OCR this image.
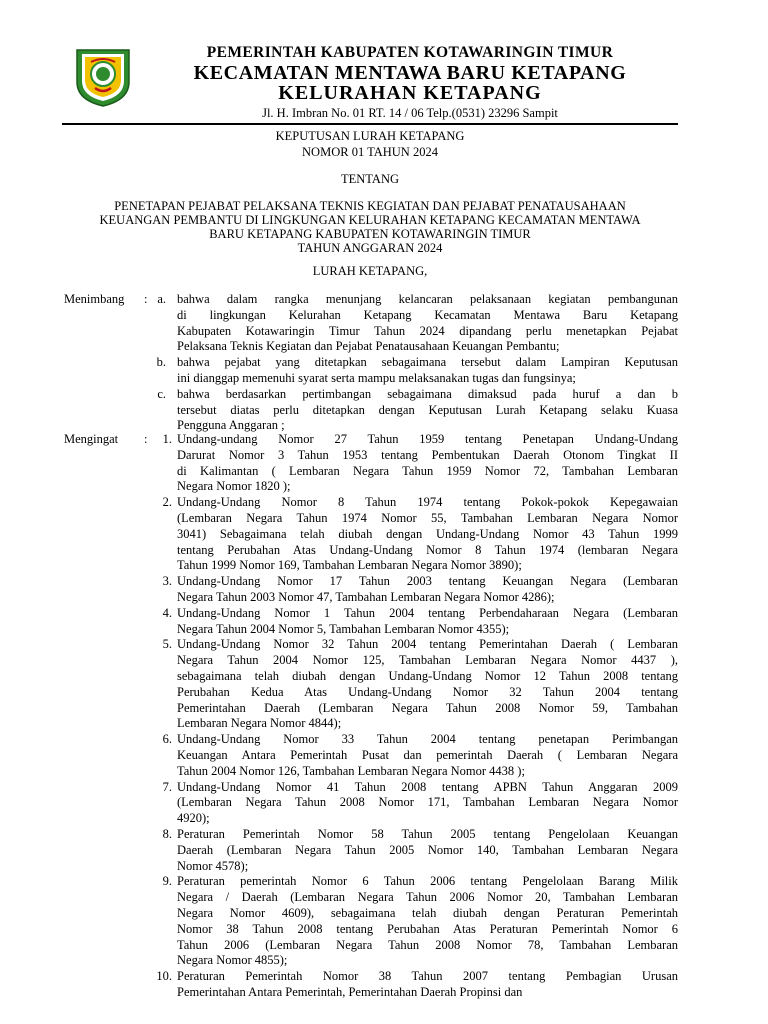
PEMERINTAH KABUPATEN KOTAWARINGIN TIMUR
KECAMATAN MENTAWA BARU KETAPANG
KELURAHAN KETAPANG
Jl. H. Imbran No. 01 RT. 14 / 06 Telp.(0531) 23296 Sampit
KEPUTUSAN LURAH KETAPANG
NOMOR 01 TAHUN 2024
TENTANG
PENETAPAN PEJABAT PELAKSANA TEKNIS KEGIATAN DAN PEJABAT PENATAUSAHAAN
KEUANGAN PEMBANTU DI LINGKUNGAN KELURAHAN KETAPANG KECAMATAN MENTAWA
BARU KETAPANG KABUPATEN KOTAWARINGIN TIMUR
TAHUN ANGGARAN 2024
LURAH KETAPANG,
Menimbang : a. bahwa dalam rangka menunjang kelancaran pelaksanaan kegiatan pembangunan
di lingkungan Kelurahan Ketapang Kecamatan Mentawa Baru Ketapang
Kabupaten Kotawaringin Timur Tahun 2024 dipandang perlu menetapkan Pejabat
Pelaksana Teknis Kegiatan dan Pejabat Penatausahaan Keuangan Pembantu;
b. bahwa pejabat yang ditetapkan sebagaimana tersebut dalam Lampiran Keputusan
ini dianggap memenuhi syarat serta mampu melaksanakan tugas dan fungsinya;
c. bahwa berdasarkan pertimbangan sebagaimana dimaksud pada huruf a dan b
tersebut diatas perlu ditetapkan dengan Keputusan Lurah Ketapang selaku Kuasa
Pengguna Anggaran ;
Mengingat :	1. Undang-undang Nomor 27 Tahun 1959 tentang Penetapan Undang-Undang
Darurat Nomor 3 Tahun 1953 tentang Pembentukan Daerah Otonom Tingkat II
di Kalimantan ( Lembaran Negara Tahun 1959 Nomor 72, Tambahan Lembaran
Negara Nomor 1820 );
2. Undang-Undang Nomor 8 Tahun 1974 tentang Pokok-pokok Kepegawaian
(Lembaran Negara Tahun 1974 Nomor 55, Tambahan Lembaran Negara Nomor
3041) Sebagaimana telah diubah dengan Undang-Undang Nomor 43 Tahun 1999
tentang Perubahan Atas Undang-Undang Nomor 8 Tahun 1974 (lembaran Negara
Tahun 1999 Nomor 169, Tambahan Lembaran Negara Nomor 3890);
3. Undang-Undang Nomor 17 Tahun 2003 tentang Keuangan Negara (Lembaran
Negara Tahun 2003 Nomor 47, Tambahan Lembaran Negara Nomor 4286);
4. Undang-Undang Nomor 1 Tahun 2004 tentang Perbendaharaan Negara (Lembaran
Negara Tahun 2004 Nomor 5, Tambahan Lembaran Nomor 4355);
5. Undang-Undang Nomor 32 Tahun 2004 tentang Pemerintahan Daerah ( Lembaran
Negara Tahun 2004 Nomor 125, Tambahan Lembaran Negara Nomor 4437 ),
sebagaimana telah diubah dengan Undang-Undang Nomor 12 Tahun 2008 tentang
Perubahan Kedua Atas Undang-Undang Nomor 32 Tahun 2004 tentang
Pemerintahan Daerah (Lembaran Negara Tahun 2008 Nomor 59, Tambahan
Lembaran Negara Nomor 4844);
6. Undang-Undang Nomor 33 Tahun 2004 tentang penetapan Perimbangan
Keuangan Antara Pemerintah Pusat dan pemerintah Daerah ( Lembaran Negara
Tahun 2004 Nomor 126, Tambahan Lembaran Negara Nomor 4438 );
7. Undang-Undang Nomor 41 Tahun 2008 tentang APBN Tahun Anggaran 2009
(Lembaran Negara Tahun 2008 Nomor 171, Tambahan Lembaran Negara Nomor
4920);
8. Peraturan Pemerintah Nomor 58 Tahun 2005 tentang Pengelolaan Keuangan
Daerah (Lembaran Negara Tahun 2005 Nomor 140, Tambahan Lembaran Negara
Nomor 4578);
9. Peraturan pemerintah Nomor 6 Tahun 2006 tentang Pengelolaan Barang Milik
Negara / Daerah (Lembaran Negara Tahun 2006 Nomor 20, Tambahan Lembaran
Negara Nomor 4609), sebagaimana telah diubah dengan Peraturan Pemerintah
Nomor 38 Tahun 2008 tentang Perubahan Atas Peraturan Pemerintah Nomor 6
Tahun 2006 (Lembaran Negara Tahun 2008 Nomor 78, Tambahan Lembaran
Negara Nomor 4855);
10. Peraturan Pemerintah Nomor 38 Tahun 2007 tentang Pembagian Urusan
Pemerintahan Antara Pemerintah, Pemerintahan Daerah Propinsi dan
